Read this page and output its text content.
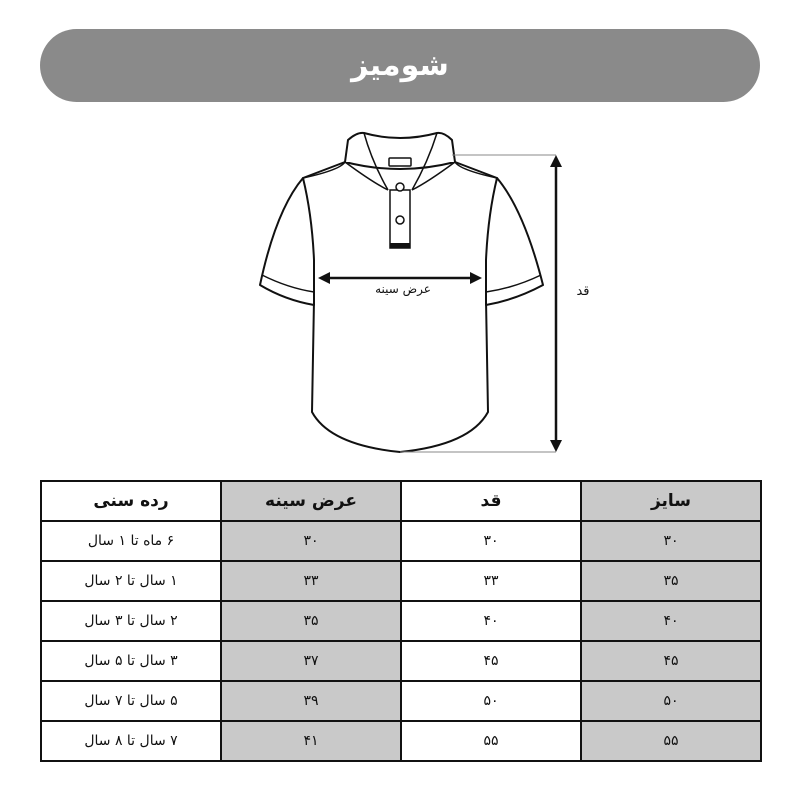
شومیز
عرض سینه	قد
سایز	قد	عرض سینه	رده سنی
۳۰	۳۰	۳۰	۶ ماه تا ۱ سال
۳۵	۳۳	۳۳	۱ سال تا ۲ سال
۴۰	۴۰	۳۵	۲ سال تا ۳ سال
۴۵	۴۵	۳۷	۳ سال تا ۵ سال
۵۰	۵۰	۳۹	۵ سال تا ۷ سال
۵۵	۵۵	۴۱	۷ سال تا ۸ سال
